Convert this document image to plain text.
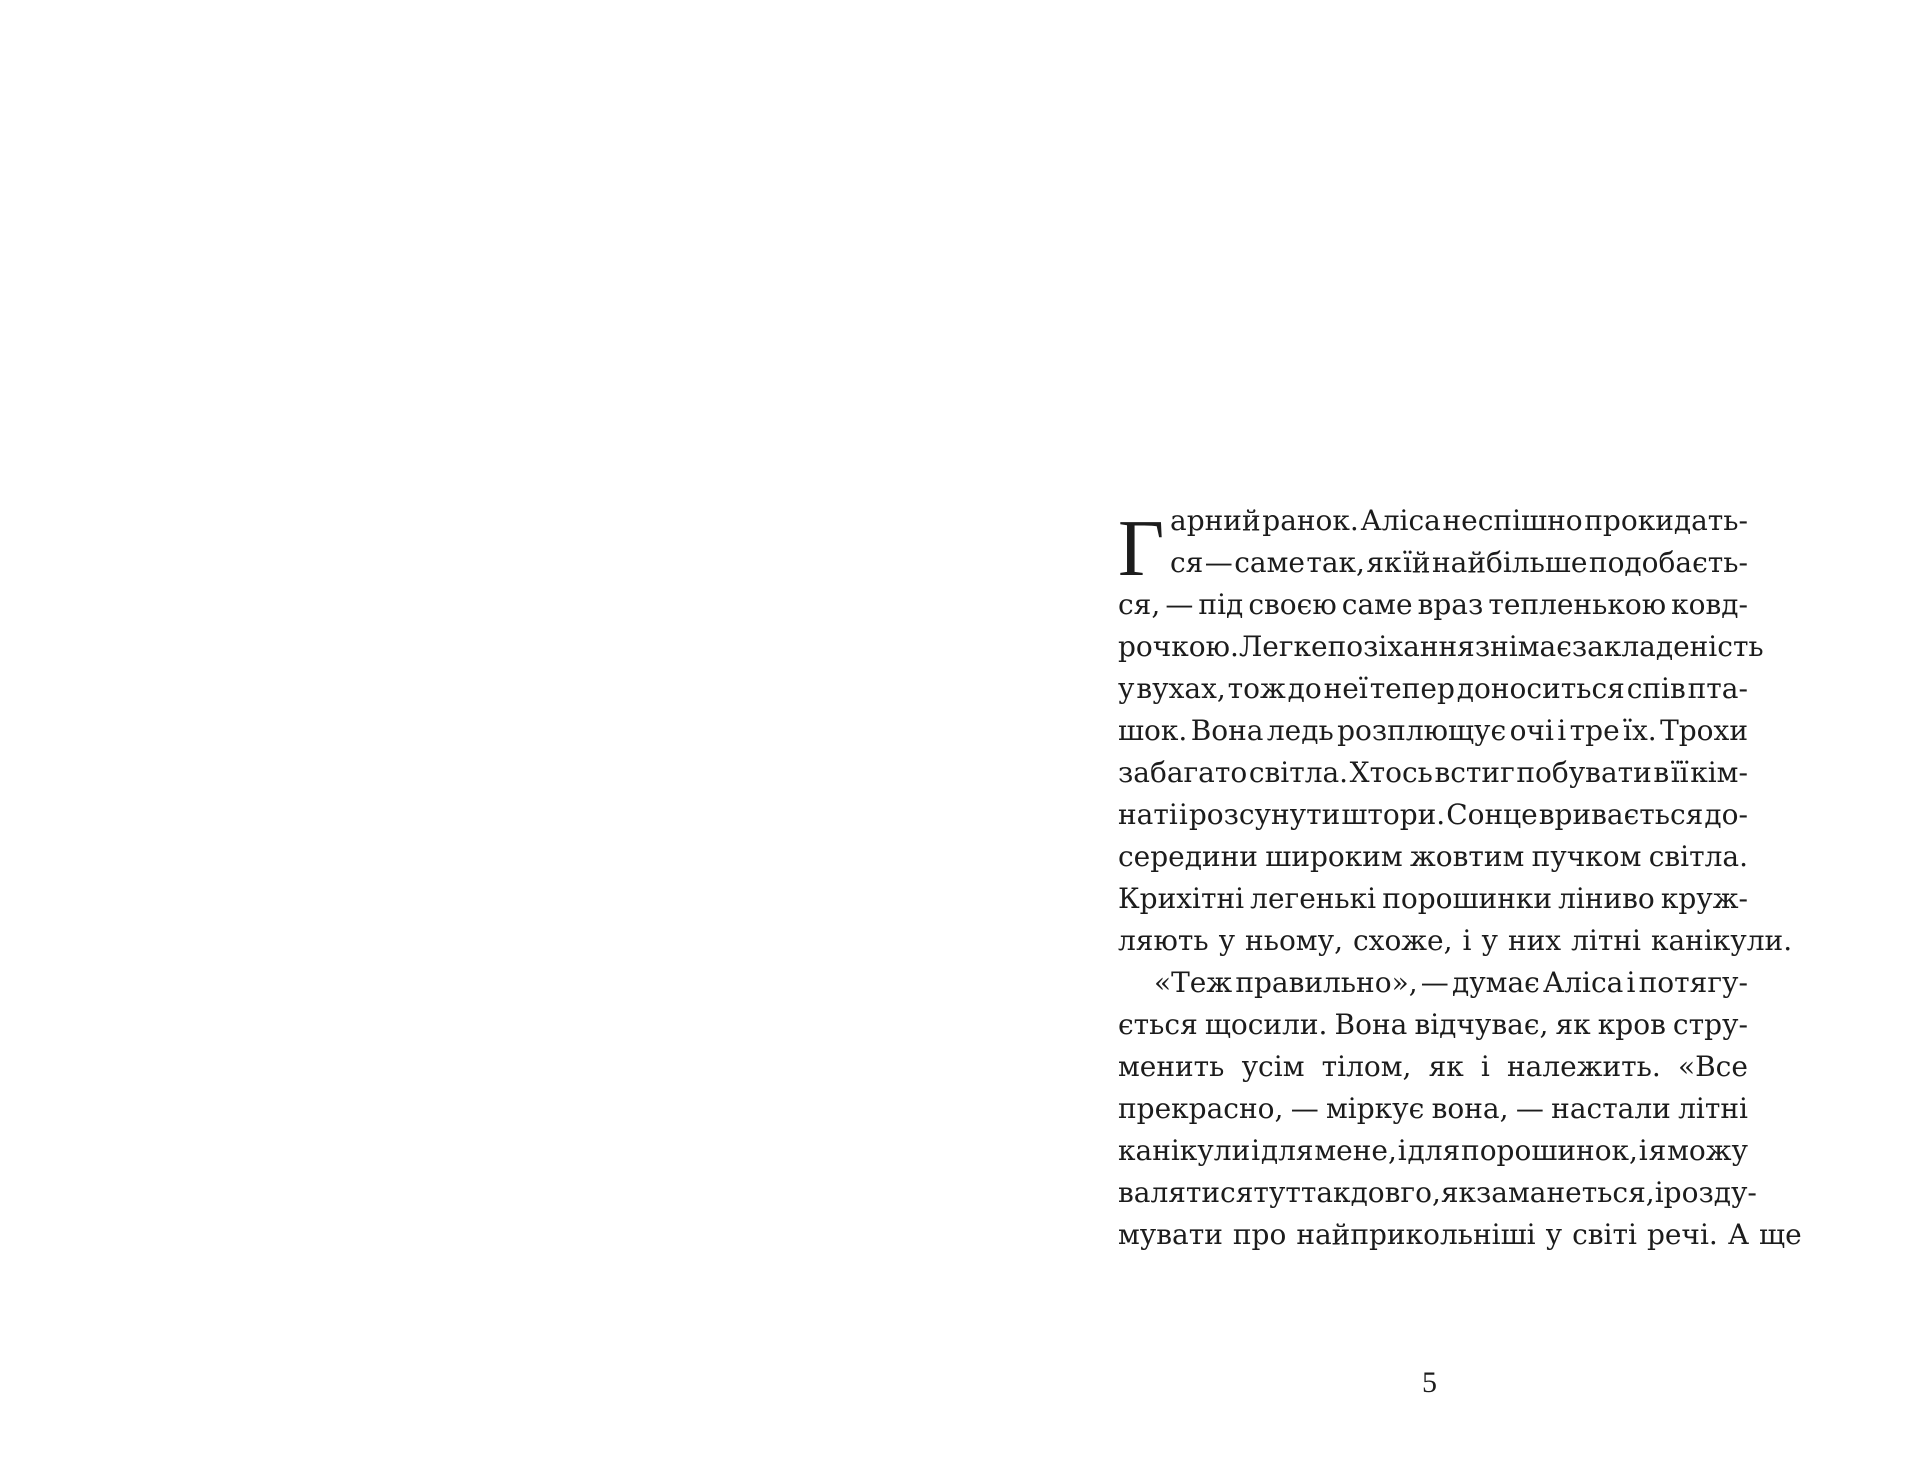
Г арний ранок. Аліса неспішно прокидать-
ся — саме так, як їй найбільше подобаєть-
ся, — під своєю саме враз тепленькою ковд-
рочкою. Легке позіхання знімає закладеність
у вухах, тож до неї тепер доноситься спів пта-
шок. Вона ледь розплющує очі і тре їх. Трохи
забагато світла. Хтось встиг побувати в її кім-
наті і розсунути штори. Сонце вривається до-
середини широким жовтим пучком світла.
Крихітні легенькі порошинки ліниво круж-
ляють у ньому, схоже, і у них літні канікули.
«Теж правильно», — думає Аліса і потягу-
ється щосили. Вона відчуває, як кров стру-
менить усім тілом, як і належить. «Все
прекрасно, — міркує вона, — настали літні
канікули і для мене, і для порошинок, і я можу
валятися тут так довго, як заманеться, і розду-
мувати про найприкольніші у світі речі. А ще
5
